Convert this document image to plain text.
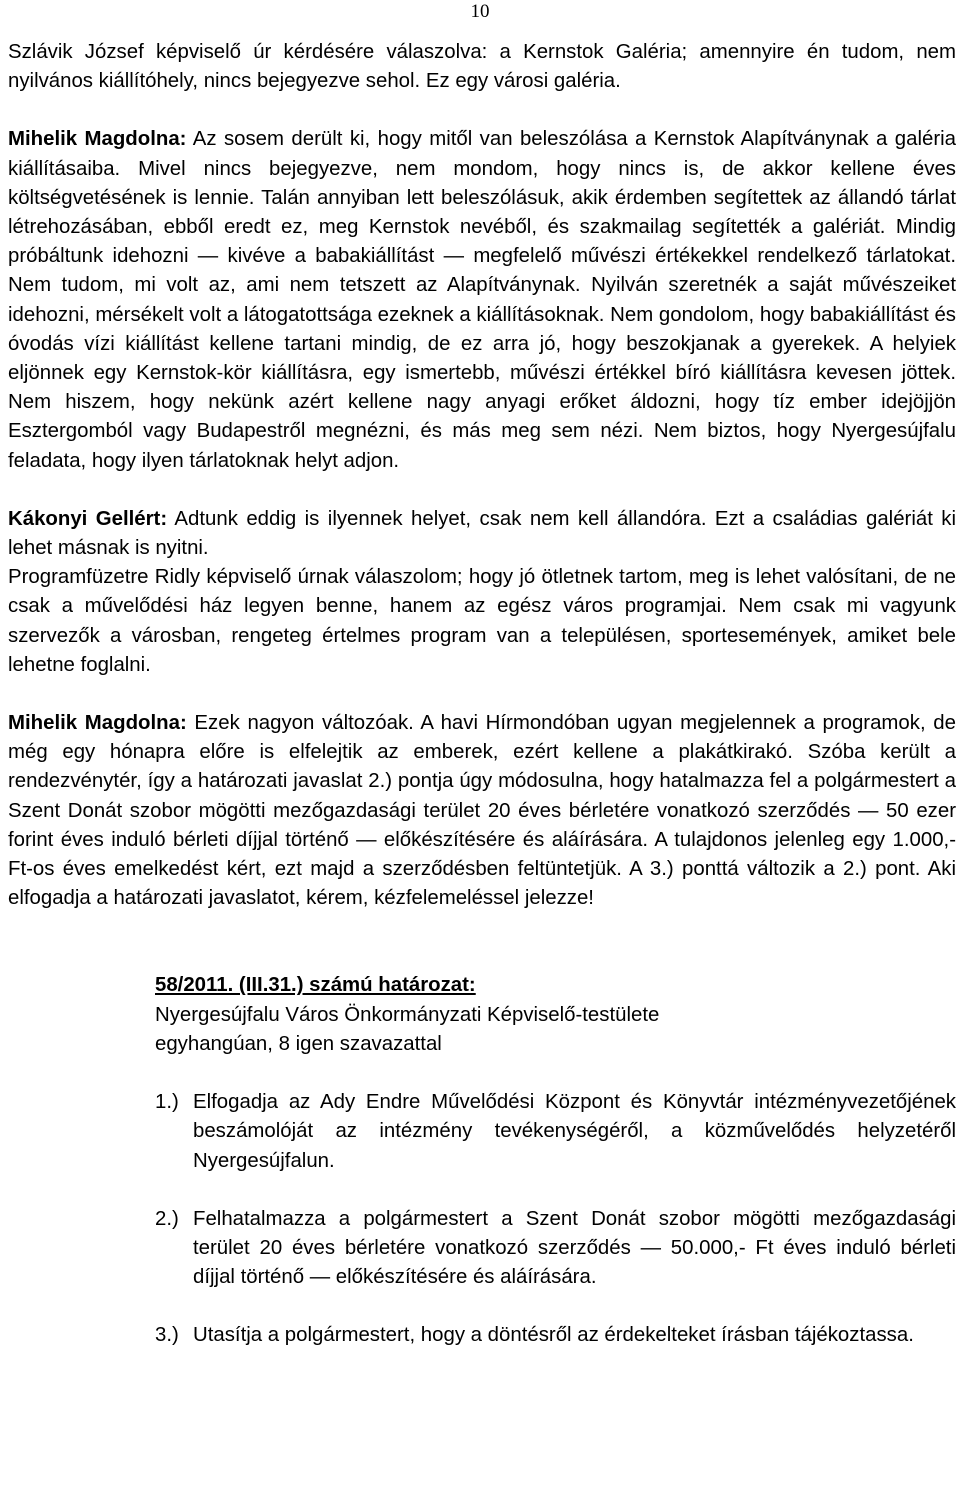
10

Szlávik József képviselő úr kérdésére válaszolva: a Kernstok Galéria; amennyire én tudom, nem nyilvános kiállítóhely, nincs bejegyezve sehol. Ez egy városi galéria.

Mihelik Magdolna: Az sosem derült ki, hogy mitől van beleszólása a Kernstok Alapítványnak a galéria kiállításaiba. Mivel nincs bejegyezve, nem mondom, hogy nincs is, de akkor kellene éves költségvetésének is lennie. Talán annyiban lett beleszólásuk, akik érdemben segítettek az állandó tárlat létrehozásában, ebből eredt ez, meg Kernstok nevéből, és szakmailag segítették a galériát. Mindig próbáltunk idehozni — kivéve a babakiállítást — megfelelő művészi értékekkel rendelkező tárlatokat. Nem tudom, mi volt az, ami nem tetszett az Alapítványnak. Nyilván szeretnék a saját művészeiket idehozni, mérsékelt volt a látogatottsága ezeknek a kiállításoknak. Nem gondolom, hogy babakiállítást és óvodás vízi kiállítást kellene tartani mindig, de ez arra jó, hogy beszokjanak a gyerekek. A helyiek eljönnek egy Kernstok-kör kiállításra, egy ismertebb, művészi értékkel bíró kiállításra kevesen jöttek. Nem hiszem, hogy nekünk azért kellene nagy anyagi erőket áldozni, hogy tíz ember idejöjjön Esztergomból vagy Budapestről megnézni, és más meg sem nézi. Nem biztos, hogy Nyergesújfalu feladata, hogy ilyen tárlatoknak helyt adjon.

Kákonyi Gellért: Adtunk eddig is ilyennek helyet, csak nem kell állandóra. Ezt a családias galériát ki lehet másnak is nyitni.

Programfüzetre Ridly képviselő úrnak válaszolom; hogy jó ötletnek tartom, meg is lehet valósítani, de ne csak a művelődési ház legyen benne, hanem az egész város programjai. Nem csak mi vagyunk szervezők a városban, rengeteg értelmes program van a településen, sportesemények, amiket bele lehetne foglalni.

Mihelik Magdolna: Ezek nagyon változóak. A havi Hírmondóban ugyan megjelennek a programok, de még egy hónapra előre is elfelejtik az emberek, ezért kellene a plakátkirakó. Szóba került a rendezvénytér, így a határozati javaslat 2.) pontja úgy módosulna, hogy hatalmazza fel a polgármestert a Szent Donát szobor mögötti mezőgazdasági terület 20 éves bérletére vonatkozó szerződés — 50 ezer forint éves induló bérleti díjjal történő — előkészítésére és aláírására. A tulajdonos jelenleg egy 1.000,- Ft-os éves emelkedést kért, ezt majd a szerződésben feltüntetjük. A 3.) ponttá változik a 2.) pont. Aki elfogadja a határozati javaslatot, kérem, kézfelemeléssel jelezze!

58/2011. (III.31.) számú határozat:
Nyergesújfalu Város Önkormányzati Képviselő-testülete
egyhangúan, 8 igen szavazattal
1.) Elfogadja az Ady Endre Művelődési Központ és Könyvtár intézményvezetőjének beszámolóját az intézmény tevékenységéről, a közművelődés helyzetéről Nyergesújfalun.
2.) Felhatalmazza a polgármestert a Szent Donát szobor mögötti mezőgazdasági terület 20 éves bérletére vonatkozó szerződés — 50.000,- Ft éves induló bérleti díjjal történő — előkészítésére és aláírására.
3.) Utasítja a polgármestert, hogy a döntésről az érdekelteket írásban tájékoztassa.
